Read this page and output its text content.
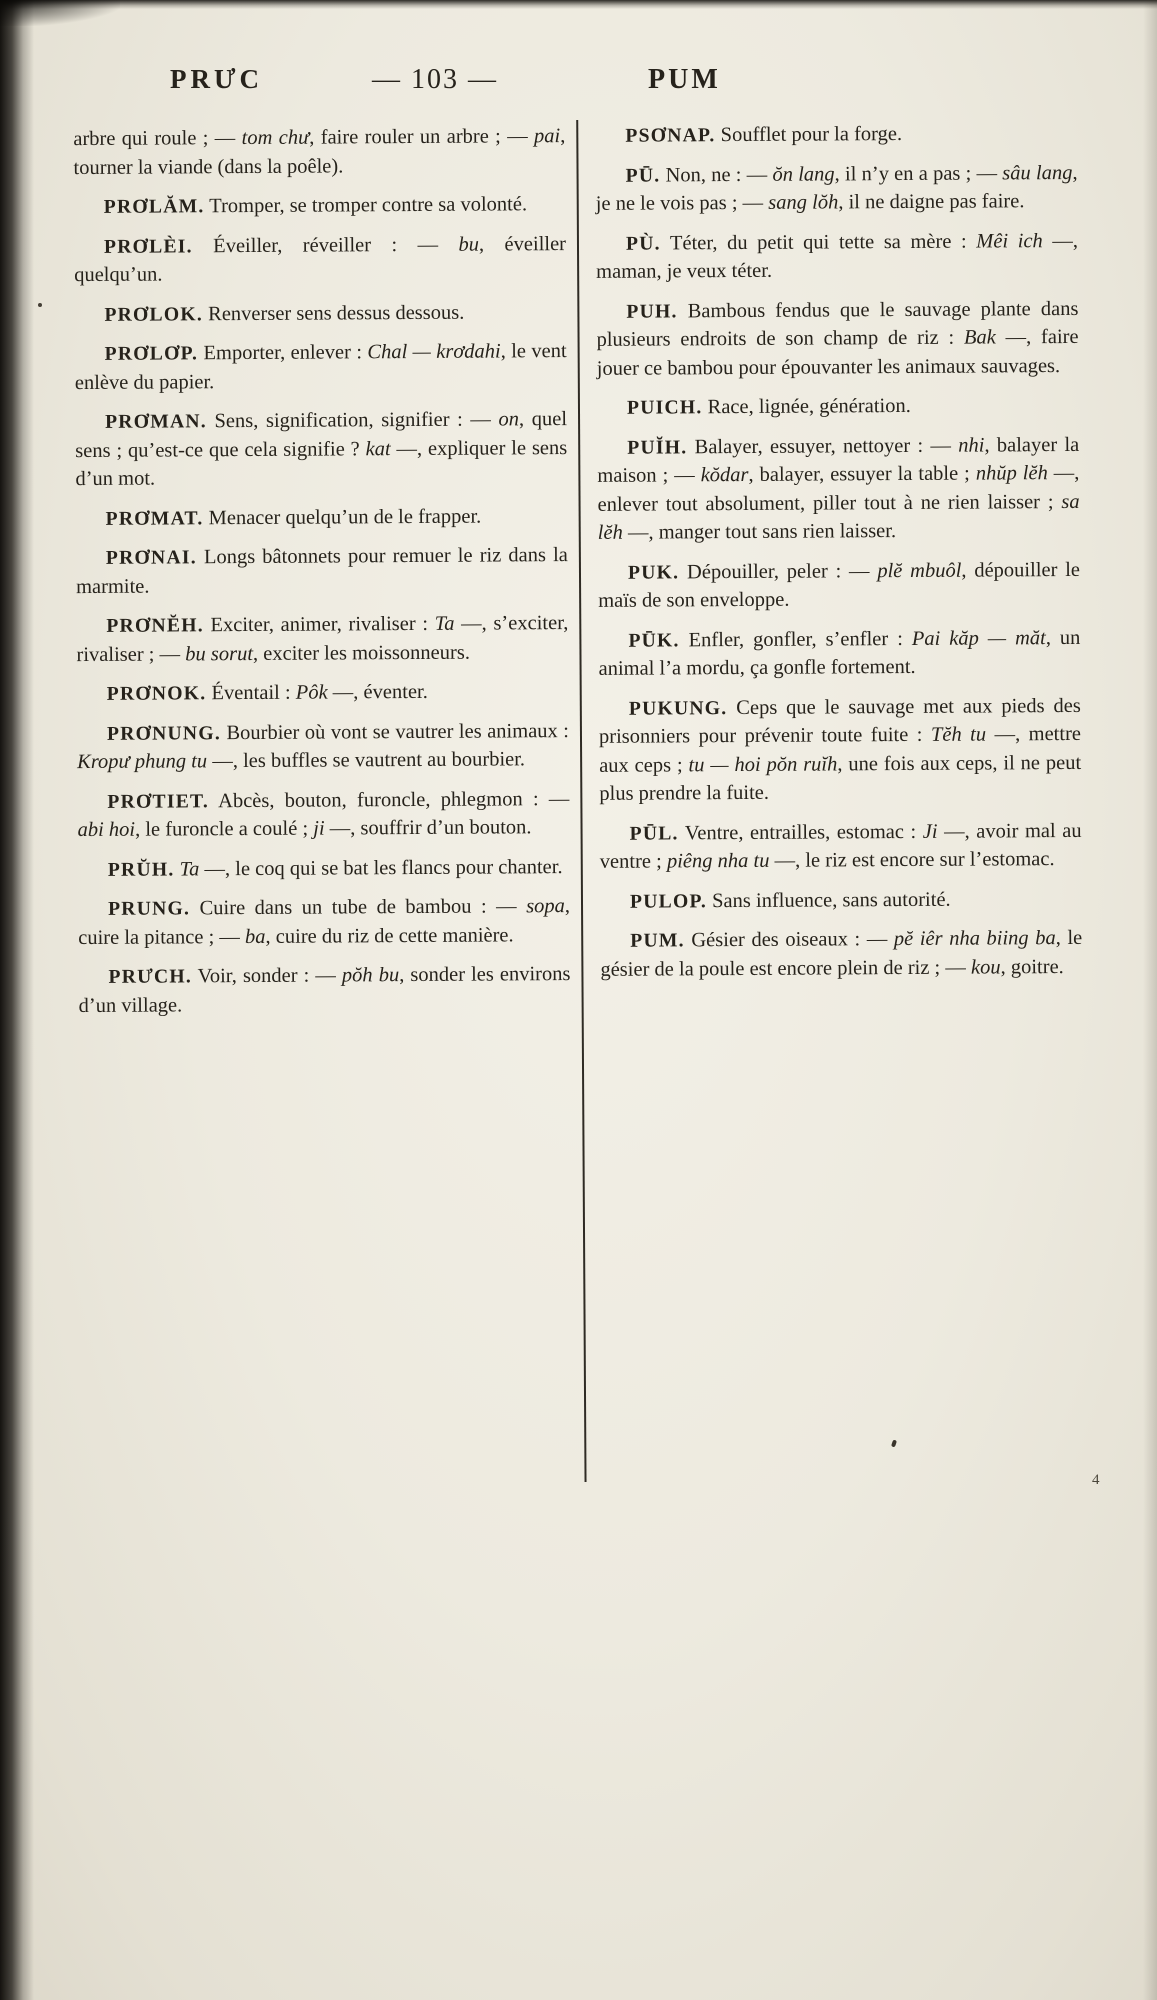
PRƯC	— 103 —	PUM

arbre qui roule ; — tom chư, faire rouler un arbre ; — pai, tourner la viande (dans la poêle).

PRƠLĂM. Tromper, se tromper contre sa volonté.

PRƠLÈI. Éveiller, réveiller : — bu, éveiller quelqu’un.

PRƠLOK. Renverser sens dessus dessous.

PRƠLƠP. Emporter, enlever : Chal — krơdahi, le vent enlève du papier.

PRƠMAN. Sens, signification, signifier : — on, quel sens ; qu’est-ce que cela signifie ? kat —, expliquer le sens d’un mot.

PRƠMAT. Menacer quelqu’un de le frapper.

PRƠNAI. Longs bâtonnets pour remuer le riz dans la marmite.

PRƠNĔH. Exciter, animer, rivaliser : Ta —, s’exciter, rivaliser ; — bu sorut, exciter les moissonneurs.

PRƠNOK. Éventail : Pôk —, éventer.

PRƠNUNG. Bourbier où vont se vautrer les animaux : Kropư phung tu —, les buffles se vautrent au bourbier.

PRƠTIET. Abcès, bouton, furoncle, phlegmon : — abi hoi, le furoncle a coulé ; ji —, souffrir d’un bouton.

PRŬH. Ta —, le coq qui se bat les flancs pour chanter.

PRUNG. Cuire dans un tube de bambou : — sopa, cuire la pitance ; — ba, cuire du riz de cette manière.

PRƯCH. Voir, sonder : — pŏh bu, sonder les environs d’un village.

PSƠNAP. Soufflet pour la forge.

PŪ. Non, ne : — ŏn lang, il n’y en a pas ; — sâu lang, je ne le vois pas ; — sang lŏh, il ne daigne pas faire.

PÙ. Téter, du petit qui tette sa mère : Mêi ich —, maman, je veux téter.

PUH. Bambous fendus que le sauvage plante dans plusieurs endroits de son champ de riz : Bak —, faire jouer ce bambou pour épouvanter les animaux sauvages.

PUICH. Race, lignée, génération.

PUĬH. Balayer, essuyer, nettoyer : — nhi, balayer la maison ; — kŏdar, balayer, essuyer la table ; nhŭp lĕh —, enlever tout absolument, piller tout à ne rien laisser ; sa lĕh —, manger tout sans rien laisser.

PUK. Dépouiller, peler : — plĕ mbuôl, dépouiller le maïs de son enveloppe.

PŪK. Enfler, gonfler, s’enfler : Pai kăp — măt, un animal l’a mordu, ça gonfle fortement.

PUKUNG. Ceps que le sauvage met aux pieds des prisonniers pour prévenir toute fuite : Tĕh tu —, mettre aux ceps ; tu — hoi pŏn ruĭh, une fois aux ceps, il ne peut plus prendre la fuite.

PŪL. Ventre, entrailles, estomac : Ji —, avoir mal au ventre ; piêng nha tu —, le riz est encore sur l’estomac.

PULOP. Sans influence, sans autorité.

PUM. Gésier des oiseaux : — pĕ iêr nha biing ba, le gésier de la poule est encore plein de riz ; — kou, goitre.

4
